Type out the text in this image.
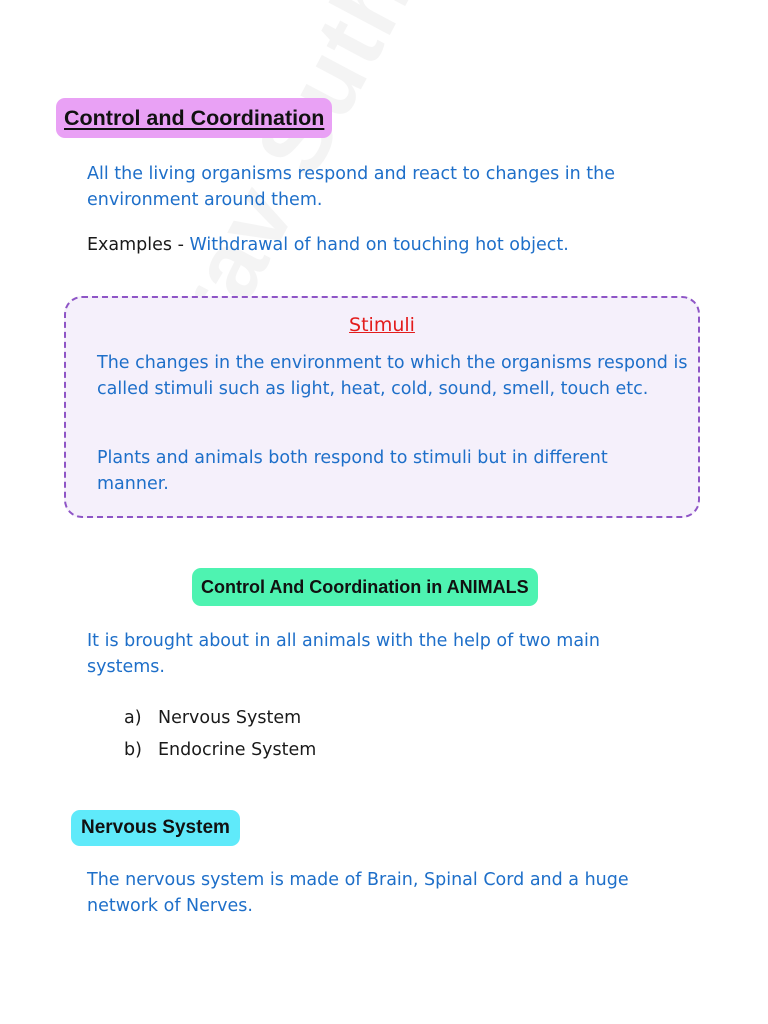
Control and Coordination

All the living organisms respond and react to changes in the environment around them.

Examples - Withdrawal of hand on touching hot object.

Stimuli

The changes in the environment to which the organisms respond is called stimuli such as light, heat, cold, sound, smell, touch etc.

Plants and animals both respond to stimuli but in different manner.

Control And Coordination in ANIMALS

It is brought about in all animals with the help of two main systems.

a) Nervous System

b) Endocrine System

Nervous System

The nervous system is made of Brain, Spinal Cord and a huge network of Nerves.
